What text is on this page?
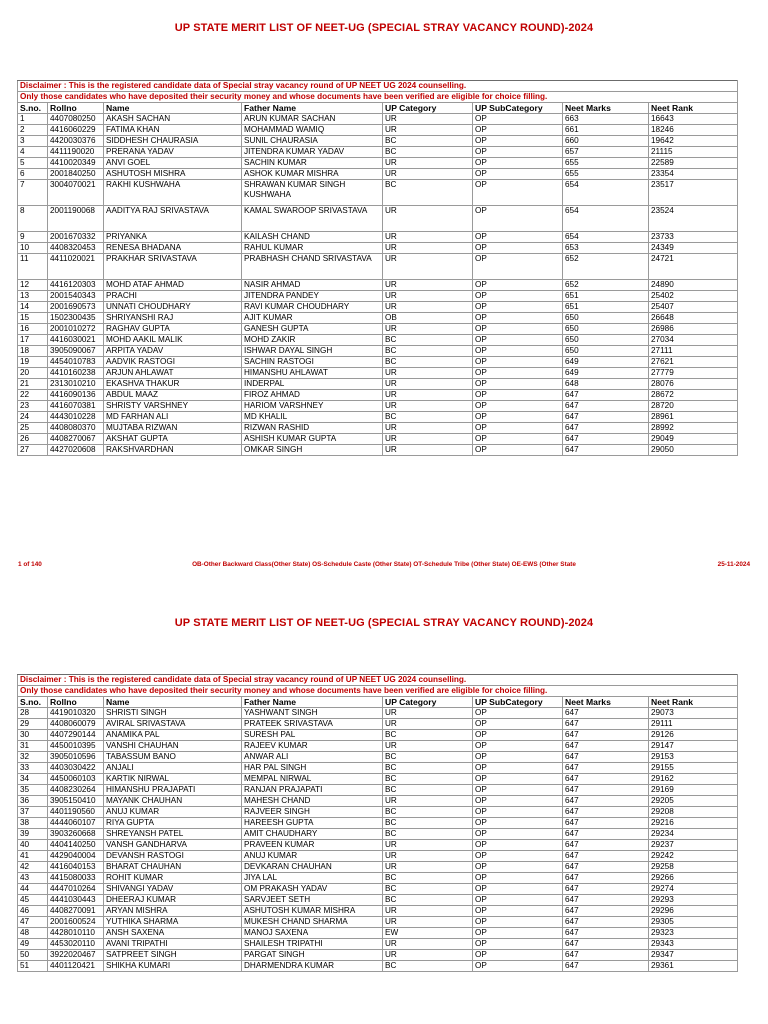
UP STATE MERIT LIST OF NEET-UG (SPECIAL STRAY VACANCY ROUND)-2024
Disclaimer : This is the registered candidate data of Special stray vacancy round of UP NEET UG 2024 counselling.							
Only those candidates who have deposited their security money and whose documents have been verified are eligible for choice filling.							
S.no.	Rollno	Name	Father Name	UP Category	UP SubCategory	Neet Marks	Neet Rank
1	4407080250	AKASH SACHAN	ARUN KUMAR SACHAN	UR	OP	663	16643
2	4416060229	FATIMA KHAN	MOHAMMAD WAMIQ	UR	OP	661	18246
3	4420030376	SIDDHESH CHAURASIA	SUNIL CHAURASIA	BC	OP	660	19642
4	4411190020	PRERANA YADAV	JITENDRA KUMAR YADAV	BC	OP	657	21115
5	4410020349	ANVI GOEL	SACHIN KUMAR	UR	OP	655	22589
6	2001840250	ASHUTOSH MISHRA	ASHOK KUMAR MISHRA	UR	OP	655	23354
7	3004070021	RAKHI KUSHWAHA	SHRAWAN KUMAR SINGH KUSHWAHA	BC	OP	654	23517
8	2001190068	AADITYA RAJ SRIVASTAVA	KAMAL SWAROOP SRIVASTAVA	UR	OP	654	23524
9	2001670332	PRIYANKA	KAILASH CHAND	UR	OP	654	23733
10	4408320453	RENESA BHADANA	RAHUL KUMAR	UR	OP	653	24349
11	4411020021	PRAKHAR SRIVASTAVA	PRABHASH CHAND SRIVASTAVA	UR	OP	652	24721
12	4416120303	MOHD ATAF AHMAD	NASIR AHMAD	UR	OP	652	24890
13	2001540343	PRACHI	JITENDRA PANDEY	UR	OP	651	25402
14	2001690573	UNNATI CHOUDHARY	RAVI KUMAR CHOUDHARY	UR	OP	651	25407
15	1502300435	SHRIYANSHI RAJ	AJIT KUMAR	OB	OP	650	26648
16	2001010272	RAGHAV GUPTA	GANESH GUPTA	UR	OP	650	26986
17	4416030021	MOHD AAKIL MALIK	MOHD ZAKIR	BC	OP	650	27034
18	3905090067	ARPITA YADAV	ISHWAR DAYAL SINGH	BC	OP	650	27111
19	4454010783	AADVIK RASTOGI	SACHIN RASTOGI	BC	OP	649	27621
20	4410160238	ARJUN AHLAWAT	HIMANSHU AHLAWAT	UR	OP	649	27779
21	2313010210	EKASHVA THAKUR	INDERPAL	UR	OP	648	28076
22	4416090136	ABDUL MAAZ	FIROZ AHMAD	UR	OP	647	28672
23	4416070381	SHRISTY VARSHNEY	HARIOM VARSHNEY	UR	OP	647	28720
24	4443010228	MD FARHAN ALI	MD KHALIL	BC	OP	647	28961
25	4408080370	MUJTABA RIZWAN	RIZWAN RASHID	UR	OP	647	28992
26	4408270067	AKSHAT GUPTA	ASHISH KUMAR GUPTA	UR	OP	647	29049
27	4427020608	RAKSHVARDHAN	OMKAR SINGH	UR	OP	647	29050
1 of 140	OB-Other Backward Class(Other State) OS-Schedule Caste (Other State) OT-Schedule Tribe (Other State) OE-EWS (Other State	25-11-2024
UP STATE MERIT LIST OF NEET-UG (SPECIAL STRAY VACANCY ROUND)-2024
Disclaimer : This is the registered candidate data of Special stray vacancy round of UP NEET UG 2024 counselling.							
Only those candidates who have deposited their security money and whose documents have been verified are eligible for choice filling.							
S.no.	Rollno	Name	Father Name	UP Category	UP SubCategory	Neet Marks	Neet Rank
28	4419010320	SHRISTI SINGH	YASHWANT SINGH	UR	OP	647	29073
29	4408060079	AVIRAL SRIVASTAVA	PRATEEK SRIVASTAVA	UR	OP	647	29111
30	4407290144	ANAMIKA PAL	SURESH PAL	BC	OP	647	29126
31	4450010395	VANSHI CHAUHAN	RAJEEV KUMAR	UR	OP	647	29147
32	3905010596	TABASSUM BANO	ANWAR ALI	BC	OP	647	29153
33	4403030422	ANJALI	HAR PAL SINGH	BC	OP	647	29155
34	4450060103	KARTIK NIRWAL	MEMPAL NIRWAL	BC	OP	647	29162
35	4408230264	HIMANSHU PRAJAPATI	RANJAN PRAJAPATI	BC	OP	647	29169
36	3905150410	MAYANK CHAUHAN	MAHESH CHAND	UR	OP	647	29205
37	4401190560	ANUJ KUMAR	RAJVEER SINGH	BC	OP	647	29208
38	4444060107	RIYA GUPTA	HAREESH GUPTA	BC	OP	647	29216
39	3903260668	SHREYANSH PATEL	AMIT CHAUDHARY	BC	OP	647	29234
40	4404140250	VANSH GANDHARVA	PRAVEEN KUMAR	UR	OP	647	29237
41	4429040004	DEVANSH RASTOGI	ANUJ KUMAR	UR	OP	647	29242
42	4416040153	BHARAT CHAUHAN	DEVKARAN CHAUHAN	UR	OP	647	29258
43	4415080033	ROHIT KUMAR	JIYA LAL	BC	OP	647	29266
44	4447010264	SHIVANGI YADAV	OM PRAKASH YADAV	BC	OP	647	29274
45	4441030443	DHEERAJ KUMAR	SARVJEET SETH	BC	OP	647	29293
46	4408270091	ARYAN MISHRA	ASHUTOSH KUMAR MISHRA	UR	OP	647	29296
47	2001600524	YUTHIKA SHARMA	MUKESH CHAND SHARMA	UR	OP	647	29305
48	4428010110	ANSH SAXENA	MANOJ SAXENA	EW	OP	647	29323
49	4453020110	AVANI TRIPATHI	SHAILESH TRIPATHI	UR	OP	647	29343
50	3922020467	SATPREET SINGH	PARGAT SINGH	UR	OP	647	29347
51	4401120421	SHIKHA KUMARI	DHARMENDRA KUMAR	BC	OP	647	29361
